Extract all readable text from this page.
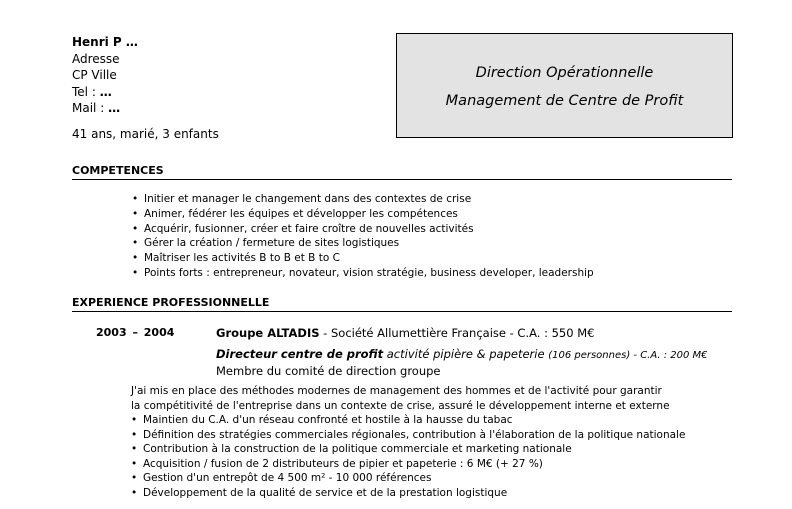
Henri P …
Adresse
CP Ville
Tel : …
Mail : …
41 ans, marié, 3 enfants
Direction Opérationnelle
Management de Centre de Profit
COMPETENCES
• Initier et manager le changement dans des contextes de crise
• Animer, fédérer les équipes et développer les compétences
• Acquérir, fusionner, créer et faire croître de nouvelles activités
• Gérer la création / fermeture de sites logistiques
• Maîtriser les activités B to B et B to C
• Points forts : entrepreneur, novateur, vision stratégie, business developer, leadership
EXPERIENCE PROFESSIONNELLE
2003 – 2004	Groupe ALTADIS - Société Allumettière Française - C.A. : 550 M€
Directeur centre de profit activité pipière & papeterie (106 personnes) - C.A. : 200 M€
Membre du comité de direction groupe
J'ai mis en place des méthodes modernes de management des hommes et de l'activité pour garantir
la compétitivité de l'entreprise dans un contexte de crise, assuré le développement interne et externe
• Maintien du C.A. d'un réseau confronté et hostile à la hausse du tabac
• Définition des stratégies commerciales régionales, contribution à l'élaboration de la politique nationale
• Contribution à la construction de la politique commerciale et marketing nationale
• Acquisition / fusion de 2 distributeurs de pipier et papeterie : 6 M€ (+ 27 %)
• Gestion d'un entrepôt de 4 500 m² - 10 000 références
• Développement de la qualité de service et de la prestation logistique
